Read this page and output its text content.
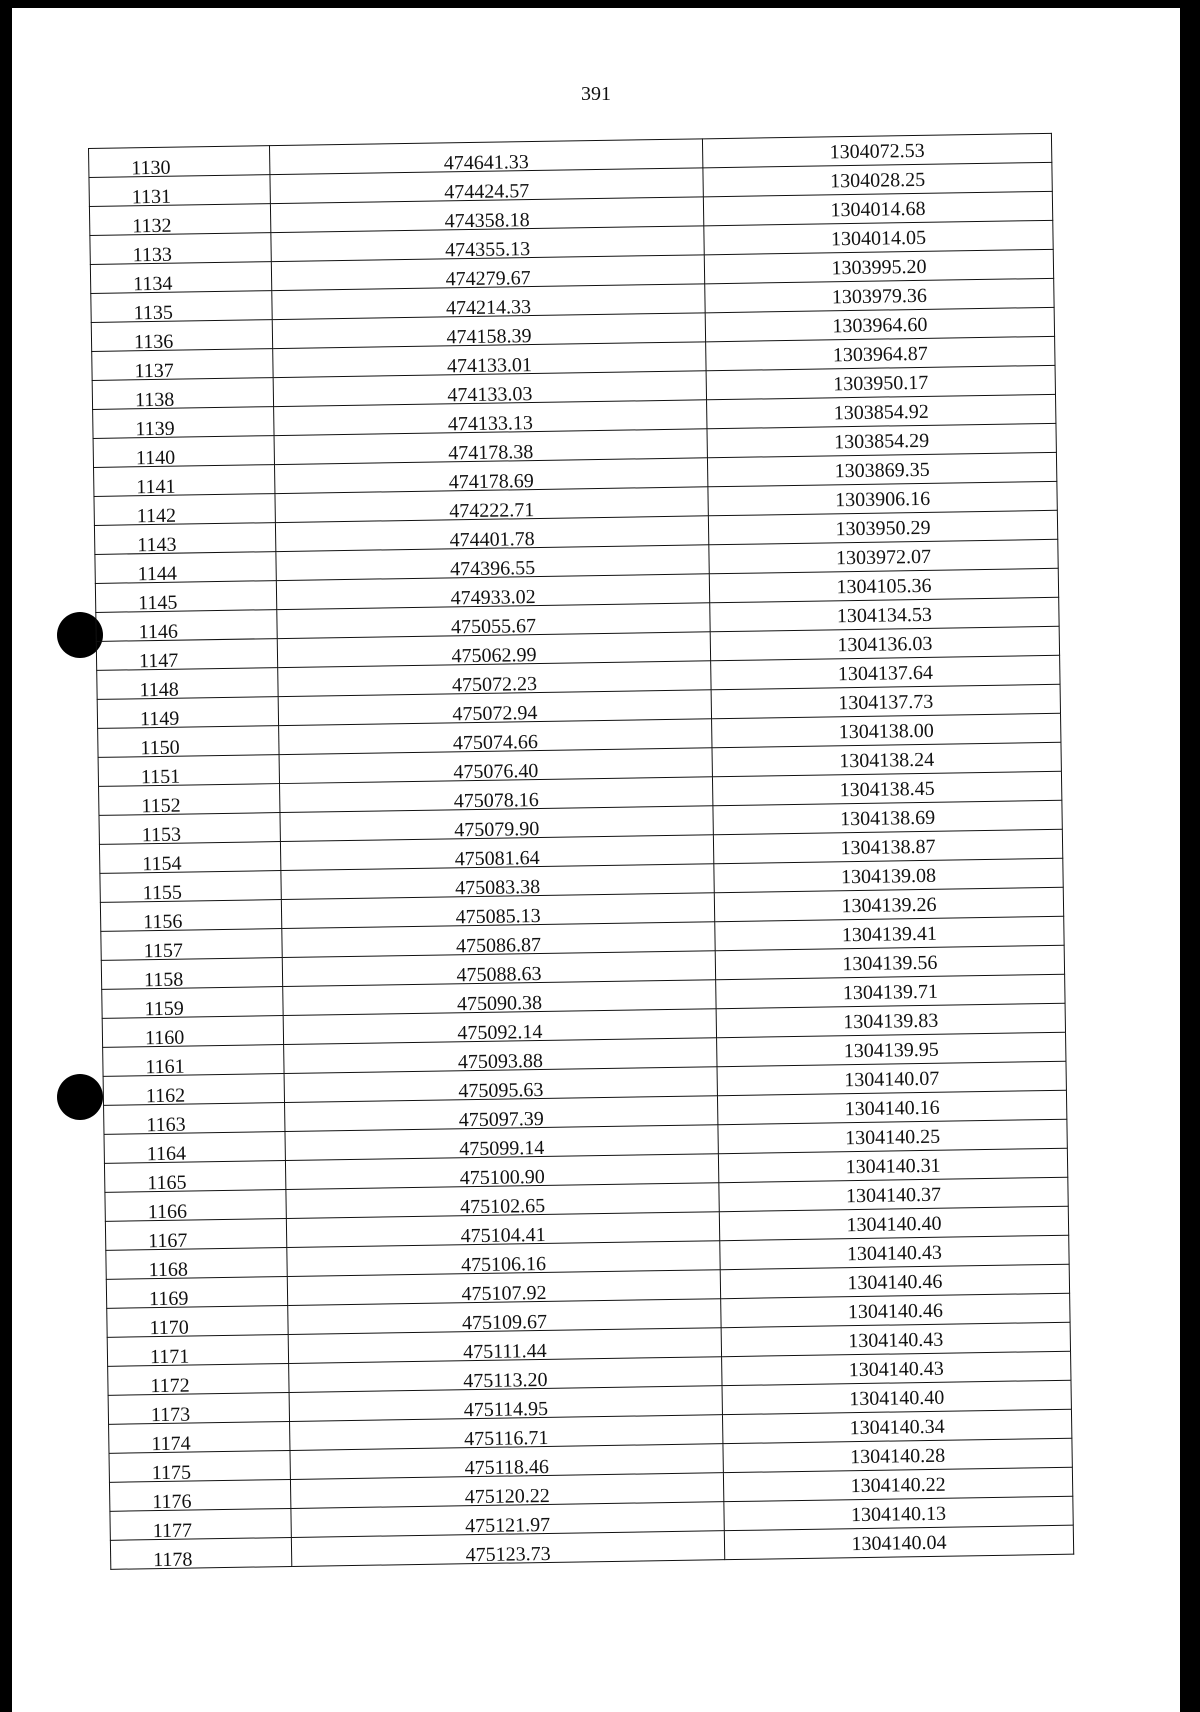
391
1130	474641.33	1304072.53
1131	474424.57	1304028.25
1132	474358.18	1304014.68
1133	474355.13	1304014.05
1134	474279.67	1303995.20
1135	474214.33	1303979.36
1136	474158.39	1303964.60
1137	474133.01	1303964.87
1138	474133.03	1303950.17
1139	474133.13	1303854.92
1140	474178.38	1303854.29
1141	474178.69	1303869.35
1142	474222.71	1303906.16
1143	474401.78	1303950.29
1144	474396.55	1303972.07
1145	474933.02	1304105.36
1146	475055.67	1304134.53
1147	475062.99	1304136.03
1148	475072.23	1304137.64
1149	475072.94	1304137.73
1150	475074.66	1304138.00
1151	475076.40	1304138.24
1152	475078.16	1304138.45
1153	475079.90	1304138.69
1154	475081.64	1304138.87
1155	475083.38	1304139.08
1156	475085.13	1304139.26
1157	475086.87	1304139.41
1158	475088.63	1304139.56
1159	475090.38	1304139.71
1160	475092.14	1304139.83
1161	475093.88	1304139.95
1162	475095.63	1304140.07
1163	475097.39	1304140.16
1164	475099.14	1304140.25
1165	475100.90	1304140.31
1166	475102.65	1304140.37
1167	475104.41	1304140.40
1168	475106.16	1304140.43
1169	475107.92	1304140.46
1170	475109.67	1304140.46
1171	475111.44	1304140.43
1172	475113.20	1304140.43
1173	475114.95	1304140.40
1174	475116.71	1304140.34
1175	475118.46	1304140.28
1176	475120.22	1304140.22
1177	475121.97	1304140.13
1178	475123.73	1304140.04
